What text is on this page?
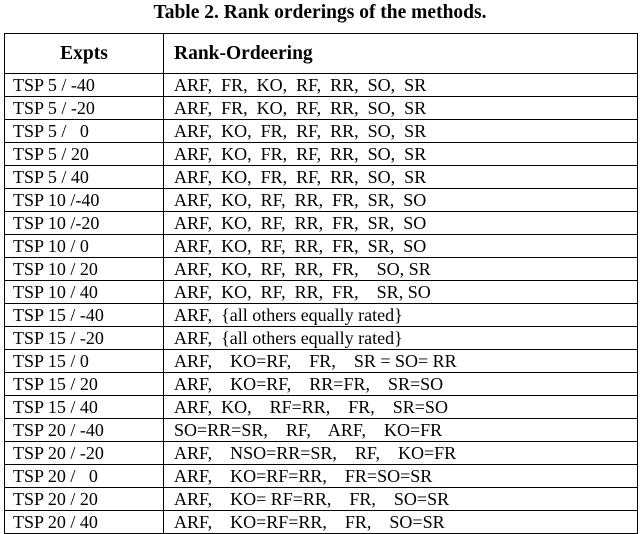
Table 2. Rank orderings of the methods.
Expts	Rank-Ordeering
TSP 5 / -40	ARF,  FR,  KO,  RF,  RR,  SO,  SR
TSP 5 / -20	ARF,  FR,  KO,  RF,  RR,  SO,  SR
TSP 5 /   0	ARF,  KO,  FR,  RF,  RR,  SO,  SR
TSP 5 / 20	ARF,  KO,  FR,  RF,  RR,  SO,  SR
TSP 5 / 40	ARF,  KO,  FR,  RF,  RR,  SO,  SR
TSP 10 /-40	ARF,  KO,  RF,  RR,  FR,  SR,  SO
TSP 10 /-20	ARF,  KO,  RF,  RR,  FR,  SR,  SO
TSP 10 / 0	ARF,  KO,  RF,  RR,  FR,  SR,  SO
TSP 10 / 20	ARF,  KO,  RF,  RR,  FR,    SO, SR
TSP 10 / 40	ARF,  KO,  RF,  RR,  FR,    SR, SO
TSP 15 / -40	ARF,  {all others equally rated}
TSP 15 / -20	ARF,  {all others equally rated}
TSP 15 / 0	ARF,    KO=RF,    FR,    SR = SO= RR
TSP 15 / 20	ARF,    KO=RF,    RR=FR,    SR=SO
TSP 15 / 40	ARF,  KO,    RF=RR,    FR,    SR=SO
TSP 20 / -40	SO=RR=SR,    RF,    ARF,    KO=FR
TSP 20 / -20	ARF,    NSO=RR=SR,    RF,    KO=FR
TSP 20 /   0	ARF,    KO=RF=RR,    FR=SO=SR
TSP 20 / 20	ARF,    KO= RF=RR,    FR,    SO=SR
TSP 20 / 40	ARF,    KO=RF=RR,    FR,    SO=SR
